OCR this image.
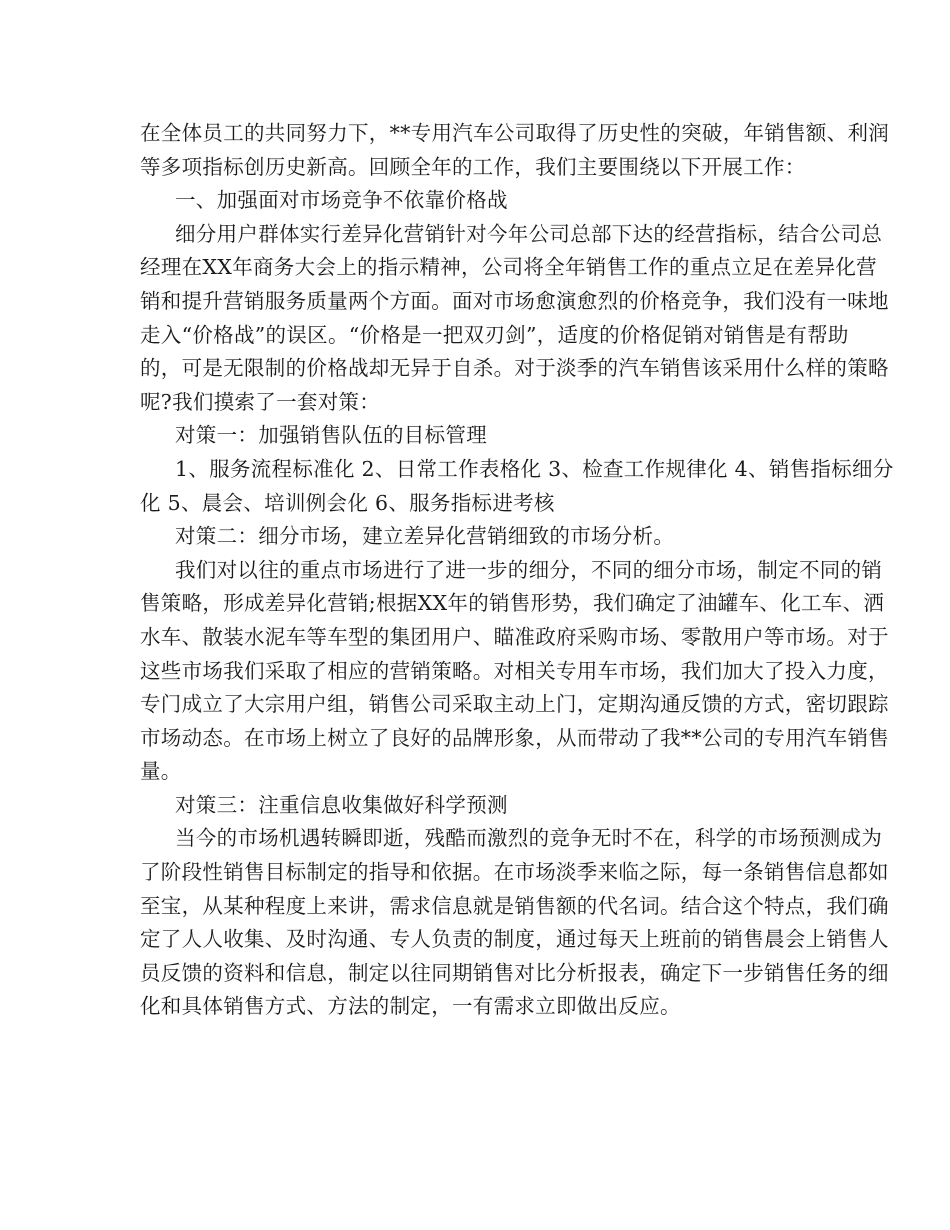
在全体员工的共同努力下，**专用汽车公司取得了历史性的突破，年销售额、利润
等多项指标创历史新高。回顾全年的工作，我们主要围绕以下开展工作：
一、加强面对市场竞争不依靠价格战
细分用户群体实行差异化营销针对今年公司总部下达的经营指标，结合公司总
经理在XX年商务大会上的指示精神，公司将全年销售工作的重点立足在差异化营
销和提升营销服务质量两个方面。面对市场愈演愈烈的价格竞争，我们没有一味地
走入“价格战”的误区。“价格是一把双刃剑”，适度的价格促销对销售是有帮助
的，可是无限制的价格战却无异于自杀。对于淡季的汽车销售该采用什么样的策略
呢?我们摸索了一套对策：
对策一：加强销售队伍的目标管理
1、服务流程标准化 2、日常工作表格化 3、检查工作规律化 4、销售指标细分
化 5、晨会、培训例会化 6、服务指标进考核
对策二：细分市场，建立差异化营销细致的市场分析。
我们对以往的重点市场进行了进一步的细分，不同的细分市场，制定不同的销
售策略，形成差异化营销;根据XX年的销售形势，我们确定了油罐车、化工车、洒
水车、散装水泥车等车型的集团用户、瞄准政府采购市场、零散用户等市场。对于
这些市场我们采取了相应的营销策略。对相关专用车市场，我们加大了投入力度，
专门成立了大宗用户组，销售公司采取主动上门，定期沟通反馈的方式，密切跟踪
市场动态。在市场上树立了良好的品牌形象，从而带动了我**公司的专用汽车销售
量。
对策三：注重信息收集做好科学预测
当今的市场机遇转瞬即逝，残酷而激烈的竞争无时不在，科学的市场预测成为
了阶段性销售目标制定的指导和依据。在市场淡季来临之际，每一条销售信息都如
至宝，从某种程度上来讲，需求信息就是销售额的代名词。结合这个特点，我们确
定了人人收集、及时沟通、专人负责的制度，通过每天上班前的销售晨会上销售人
员反馈的资料和信息，制定以往同期销售对比分析报表，确定下一步销售任务的细
化和具体销售方式、方法的制定，一有需求立即做出反应。
